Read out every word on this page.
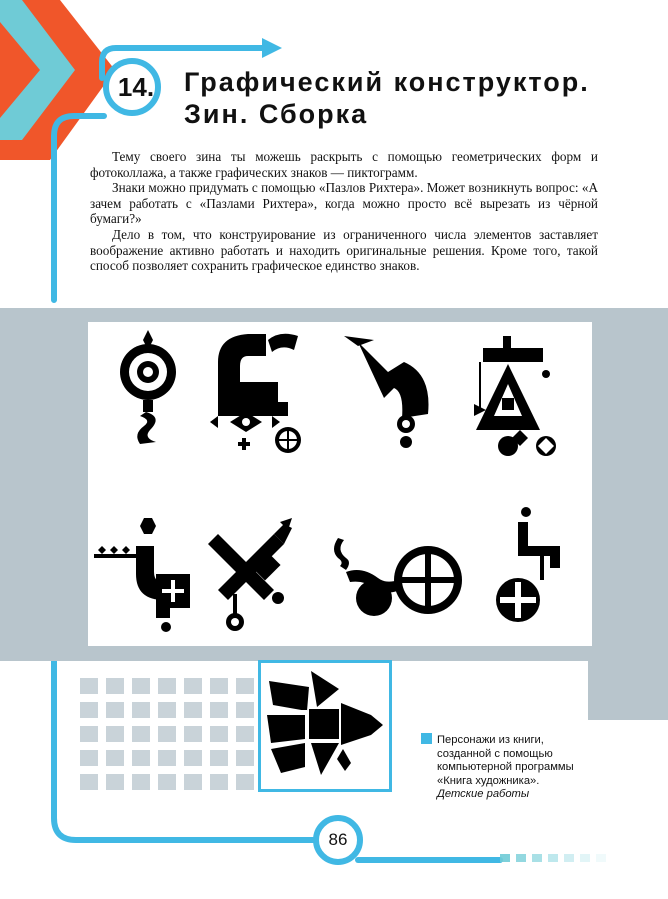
14. Графический конструктор.
Зин. Сборка

Тему своего зина ты можешь раскрыть с помощью геометрических форм и фотоколлажа, а также графических знаков — пиктограмм.

Знаки можно придумать с помощью «Пазлов Рихтера». Может возникнуть вопрос: «А зачем работать с «Пазлами Рихтера», когда можно просто всё вырезать из чёрной бумаги?»

Дело в том, что конструирование из ограниченного числа элементов заставляет воображение активно работать и находить оригинальные решения. Кроме того, такой способ позволяет сохранить графическое единство знаков.

Персонажи из книги,
созданной с помощью
компьютерной программы
«Книга художника».
Детские работы
86
